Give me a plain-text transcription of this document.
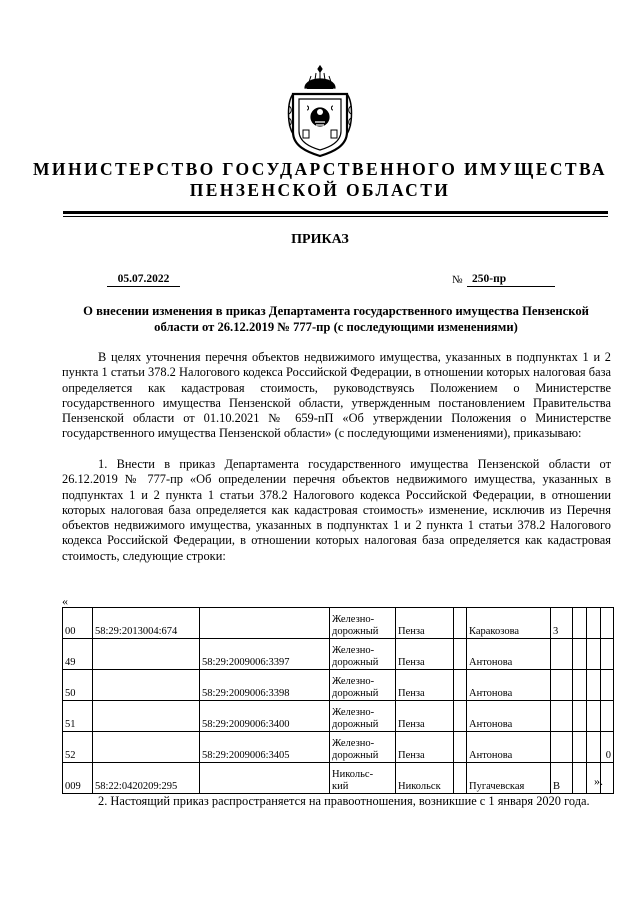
МИНИСТЕРСТВО ГОСУДАРСТВЕННОГО ИМУЩЕСТВА
ПЕНЗЕНСКОЙ ОБЛАСТИ
ПРИКАЗ
05.07.2022	№ 250-пр
О внесении изменения в приказ Департамента государственного имущества Пензенской области от 26.12.2019 № 777-пр (с последующими изменениями)
В целях уточнения перечня объектов недвижимого имущества, указанных в подпунктах 1 и 2 пункта 1 статьи 378.2 Налогового кодекса Российской Федерации, в отношении которых налоговая база определяется как кадастровая стоимость, руководствуясь Положением о Министерстве государственного имущества Пензенской области, утвержденным постановлением Правительства Пензенской области от 01.10.2021 № 659-пП «Об утверждении Положения о Министерстве государственного имущества Пензенской области» (с последующими изменениями), приказываю:
1. Внести в приказ Департамента государственного имущества Пензенской области от 26.12.2019 № 777-пр «Об определении перечня объектов недвижимого имущества, указанных в подпунктах 1 и 2 пункта 1 статьи 378.2 Налогового кодекса Российской Федерации, в отношении которых налоговая база определяется как кадастровая стоимость» изменение, исключив из Перечня объектов недвижимого имущества, указанных в подпунктах 1 и 2 пункта 1 статьи 378.2 Налогового кодекса Российской Федерации, в отношении которых налоговая база определяется как кадастровая стоимость, следующие строки:
«
00	58:29:2013004:674		Железно-
дорожный	Пенза		Каракозова	3			
49		58:29:2009006:3397	Железно-
дорожный	Пенза		Антонова				
50		58:29:2009006:3398	Железно-
дорожный	Пенза		Антонова				
51		58:29:2009006:3400	Железно-
дорожный	Пенза		Антонова				
52		58:29:2009006:3405	Железно-
дорожный	Пенза		Антонова				0
009	58:22:0420209:295		Никольс-
кий	Никольск		Пугачевская	В				».
2. Настоящий приказ распространяется на правоотношения, возникшие с 1 января 2020 года.
